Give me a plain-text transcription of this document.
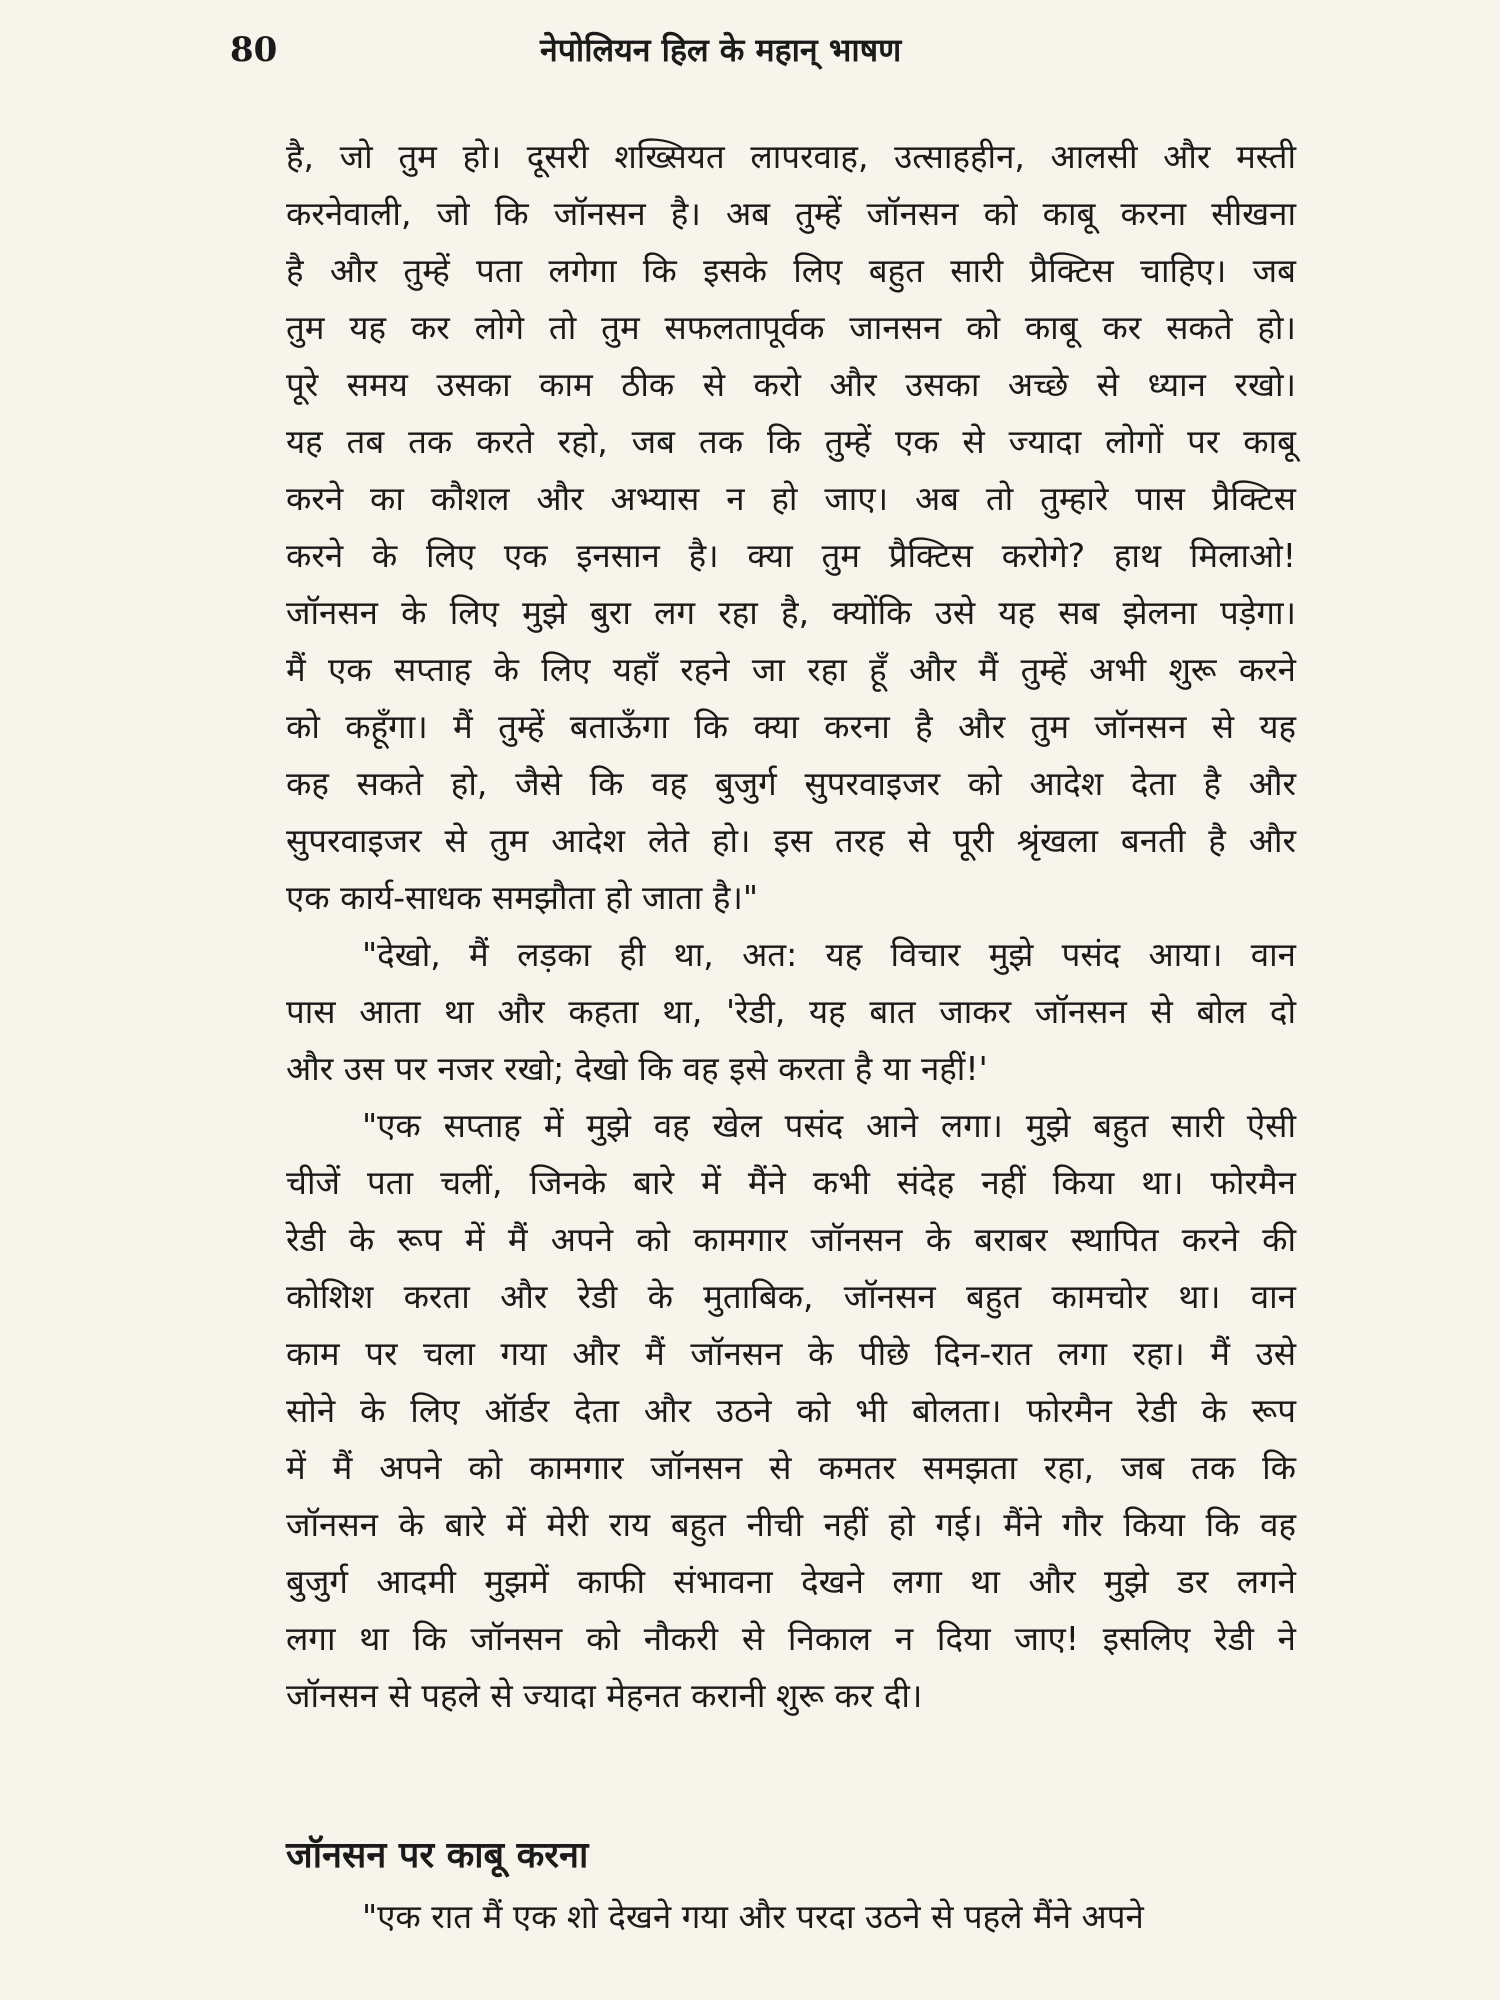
80	नेपोलियन हिल के महान् भाषण
है, जो तुम हो। दूसरी शख्सियत लापरवाह, उत्साहहीन, आलसी और मस्ती
करनेवाली, जो कि जॉनसन है। अब तुम्हें जॉनसन को काबू करना सीखना
है और तुम्हें पता लगेगा कि इसके लिए बहुत सारी प्रैक्टिस चाहिए। जब
तुम यह कर लोगे तो तुम सफलतापूर्वक जानसन को काबू कर सकते हो।
पूरे समय उसका काम ठीक से करो और उसका अच्छे से ध्यान रखो।
यह तब तक करते रहो, जब तक कि तुम्हें एक से ज्यादा लोगों पर काबू
करने का कौशल और अभ्यास न हो जाए। अब तो तुम्हारे पास प्रैक्टिस
करने के लिए एक इनसान है। क्या तुम प्रैक्टिस करोगे? हाथ मिलाओ!
जॉनसन के लिए मुझे बुरा लग रहा है, क्योंकि उसे यह सब झेलना पड़ेगा।
मैं एक सप्ताह के लिए यहाँ रहने जा रहा हूँ और मैं तुम्हें अभी शुरू करने
को कहूँगा। मैं तुम्हें बताऊँगा कि क्या करना है और तुम जॉनसन से यह
कह सकते हो, जैसे कि वह बुजुर्ग सुपरवाइजर को आदेश देता है और
सुपरवाइजर से तुम आदेश लेते हो। इस तरह से पूरी श्रृंखला बनती है और
एक कार्य-साधक समझौता हो जाता है।"
"देखो, मैं लड़का ही था, अत: यह विचार मुझे पसंद आया। वान
पास आता था और कहता था, 'रेडी, यह बात जाकर जॉनसन से बोल दो
और उस पर नजर रखो; देखो कि वह इसे करता है या नहीं!'
"एक सप्ताह में मुझे वह खेल पसंद आने लगा। मुझे बहुत सारी ऐसी
चीजें पता चलीं, जिनके बारे में मैंने कभी संदेह नहीं किया था। फोरमैन
रेडी के रूप में मैं अपने को कामगार जॉनसन के बराबर स्थापित करने की
कोशिश करता और रेडी के मुताबिक, जॉनसन बहुत कामचोर था। वान
काम पर चला गया और मैं जॉनसन के पीछे दिन-रात लगा रहा। मैं उसे
सोने के लिए ऑर्डर देता और उठने को भी बोलता। फोरमैन रेडी के रूप
में मैं अपने को कामगार जॉनसन से कमतर समझता रहा, जब तक कि
जॉनसन के बारे में मेरी राय बहुत नीची नहीं हो गई। मैंने गौर किया कि वह
बुजुर्ग आदमी मुझमें काफी संभावना देखने लगा था और मुझे डर लगने
लगा था कि जॉनसन को नौकरी से निकाल न दिया जाए! इसलिए रेडी ने
जॉनसन से पहले से ज्यादा मेहनत करानी शुरू कर दी।
जॉनसन पर काबू करना
"एक रात मैं एक शो देखने गया और परदा उठने से पहले मैंने अपने
